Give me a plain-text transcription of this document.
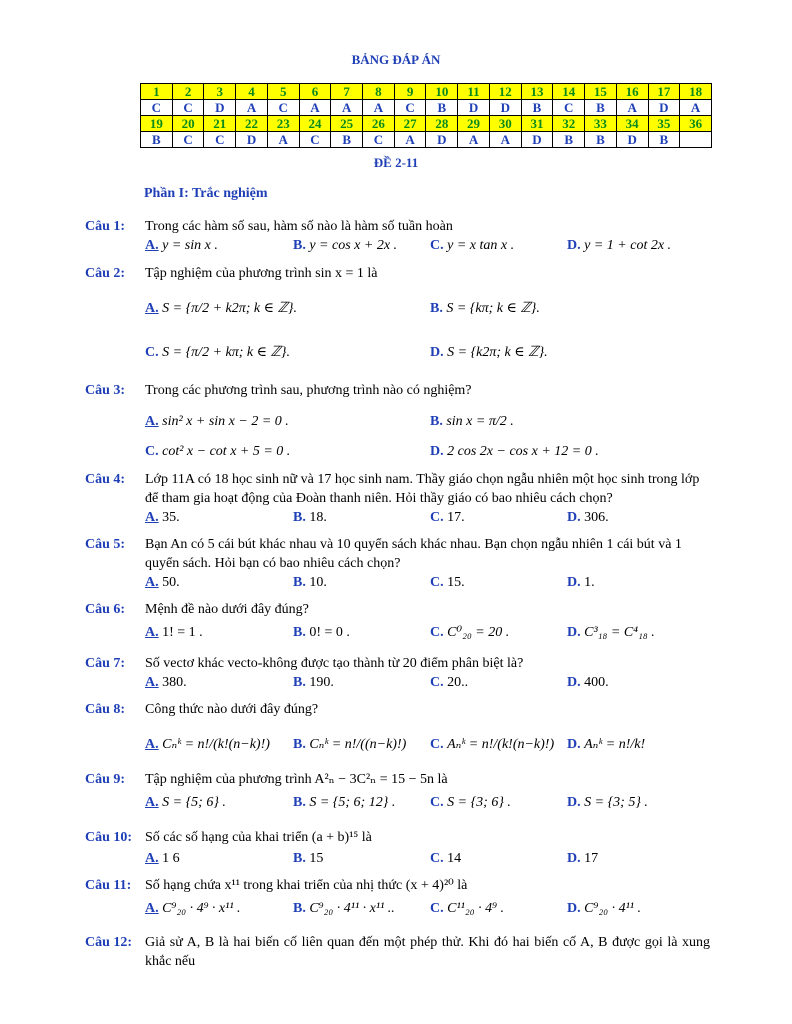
BẢNG ĐÁP ÁN
1	2	3	4	5	6	7	8	9	10	11	12	13	14	15	16	17	18
C	C	D	A	C	A	A	A	C	B	D	D	B	C	B	A	D	A
19	20	21	22	23	24	25	26	27	28	29	30	31	32	33	34	35	36
B	C	C	D	A	C	B	C	A	D	A	A	D	B	B	D	B	
ĐỀ 2-11
Phần I: Trắc nghiệm
Câu 1:	Trong các hàm số sau, hàm số nào là hàm số tuần hoàn
A. y = sin x .	B. y = cos x + 2x . C. y = x tan x .	D. y = 1 + cot 2x .
Câu 2:	Tập nghiệm của phương trình sin x = 1 là
A. S = {π/2 + k2π; k ∈ ℤ}.	B. S = {kπ; k ∈ ℤ}.
C. S = {π/2 + kπ; k ∈ ℤ}.	D. S = {k2π; k ∈ ℤ}.
Câu 3:	Trong các phương trình sau, phương trình nào có nghiệm?
A. sin² x + sin x − 2 = 0 .	B. sin x = π/2 .
C. cot² x − cot x + 5 = 0 .	D. 2 cos 2x − cos x + 12 = 0 .
Câu 4:	Lớp 11A có 18 học sinh nữ và 17 học sinh nam. Thầy giáo chọn ngẫu nhiên một học sinh trong lớp để tham gia hoạt động của Đoàn thanh niên. Hỏi thầy giáo có bao nhiêu cách chọn?
A. 35.	B. 18.	C. 17.	D. 306.
Câu 5:	Bạn An có 5 cái bút khác nhau và 10 quyển sách khác nhau. Bạn chọn ngẫu nhiên 1 cái bút và 1 quyển sách. Hỏi bạn có bao nhiêu cách chọn?
A. 50.	B. 10.	C. 15.	D. 1.
Câu 6:	Mệnh đề nào dưới đây đúng?
A. 1! = 1 .	B. 0! = 0 .	C. C⁰₂₀ = 20 .	D. C³₁₈ = C⁴₁₈ .
Câu 7:	Số vectơ khác vecto-không được tạo thành từ 20 điểm phân biệt là?
A. 380.	B. 190.	C. 20..	D. 400.
Câu 8:	Công thức nào dưới đây đúng?
A. Cₙᵏ = n!/(k!(n−k)!) B. Cₙᵏ = n!/((n−k)!) C. Aₙᵏ = n!/(k!(n−k)!) D. Aₙᵏ = n!/k!
Câu 9:	Tập nghiệm của phương trình A²ₙ − 3C²ₙ = 15 − 5n là
A. S = {5; 6} .	B. S = {5; 6; 12} . C. S = {3; 6} .	D. S = {3; 5} .
Câu 10: Số các số hạng của khai triển (a + b)¹⁵ là
A. 1 6	B. 15	C. 14	D. 17
Câu 11: Số hạng chứa x¹¹ trong khai triển của nhị thức (x + 4)²⁰ là
A. C⁹₂₀ · 4⁹ · x¹¹ .	B. C⁹₂₀ · 4¹¹ · x¹¹ ..	C. C¹¹₂₀ · 4⁹ .	D. C⁹₂₀ · 4¹¹ .
Câu 12: Giả sử A, B là hai biến cố liên quan đến một phép thử. Khi đó hai biến cố A, B được gọi là xung khắc nếu
